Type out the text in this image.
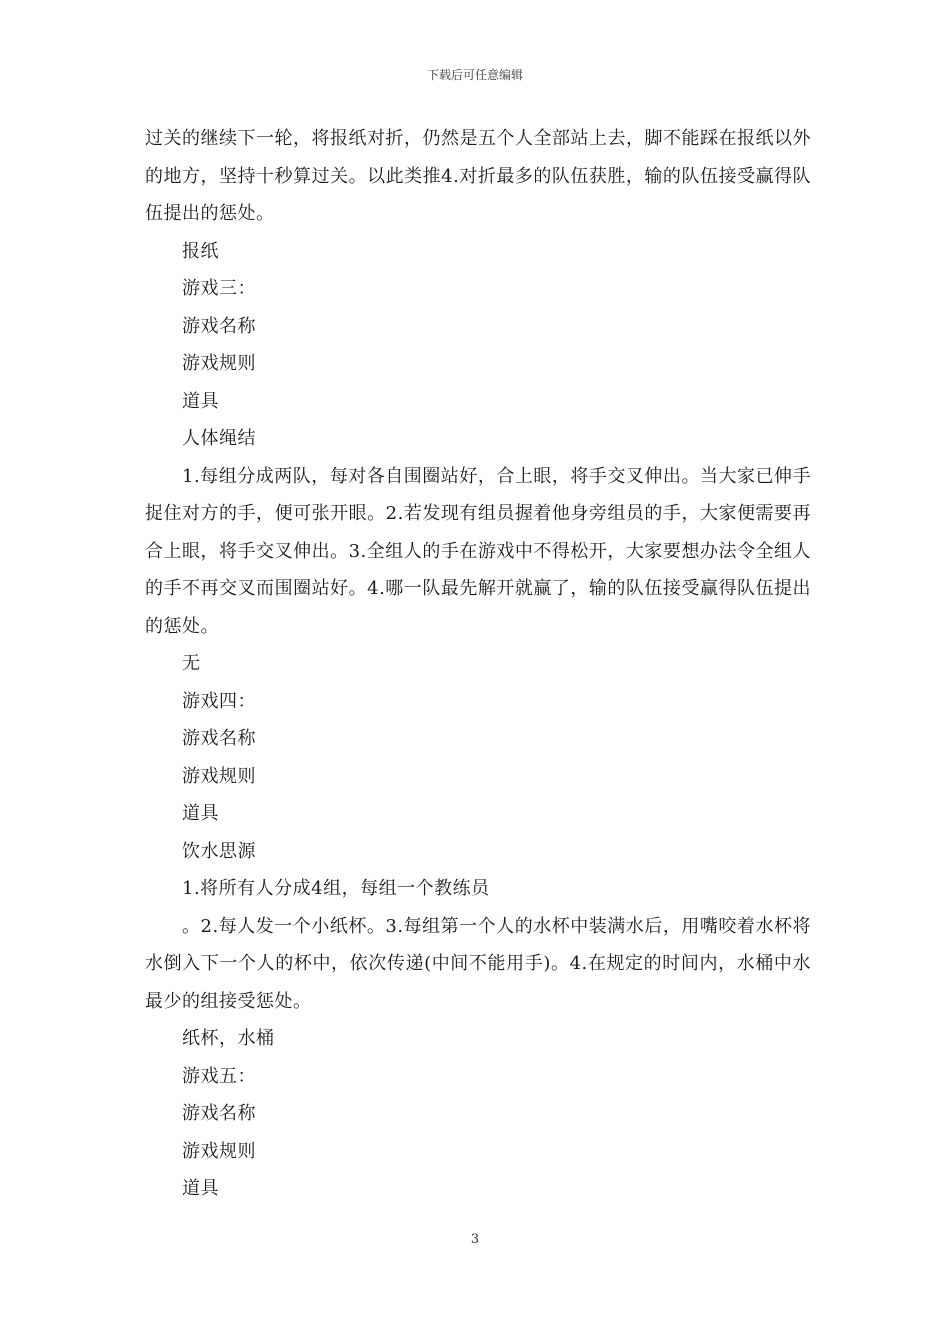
下载后可任意编辑

过关的继续下一轮，将报纸对折，仍然是五个人全部站上去，脚不能踩在报纸以外的地方，坚持十秒算过关。以此类推4.对折最多的队伍获胜，输的队伍接受赢得队伍提出的惩处。

报纸

游戏三：

游戏名称

游戏规则

道具

人体绳结

1.每组分成两队，每对各自围圈站好，合上眼，将手交叉伸出。当大家已伸手捉住对方的手，便可张开眼。2.若发现有组员握着他身旁组员的手，大家便需要再合上眼，将手交叉伸出。3.全组人的手在游戏中不得松开，大家要想办法令全组人的手不再交叉而围圈站好。4.哪一队最先解开就赢了，输的队伍接受赢得队伍提出的惩处。

无

游戏四：

游戏名称

游戏规则

道具

饮水思源

1.将所有人分成4组，每组一个教练员

。2.每人发一个小纸杯。3.每组第一个人的水杯中装满水后，用嘴咬着水杯将水倒入下一个人的杯中，依次传递(中间不能用手)。4.在规定的时间内，水桶中水最少的组接受惩处。

纸杯，水桶

游戏五：

游戏名称

游戏规则

道具

3
